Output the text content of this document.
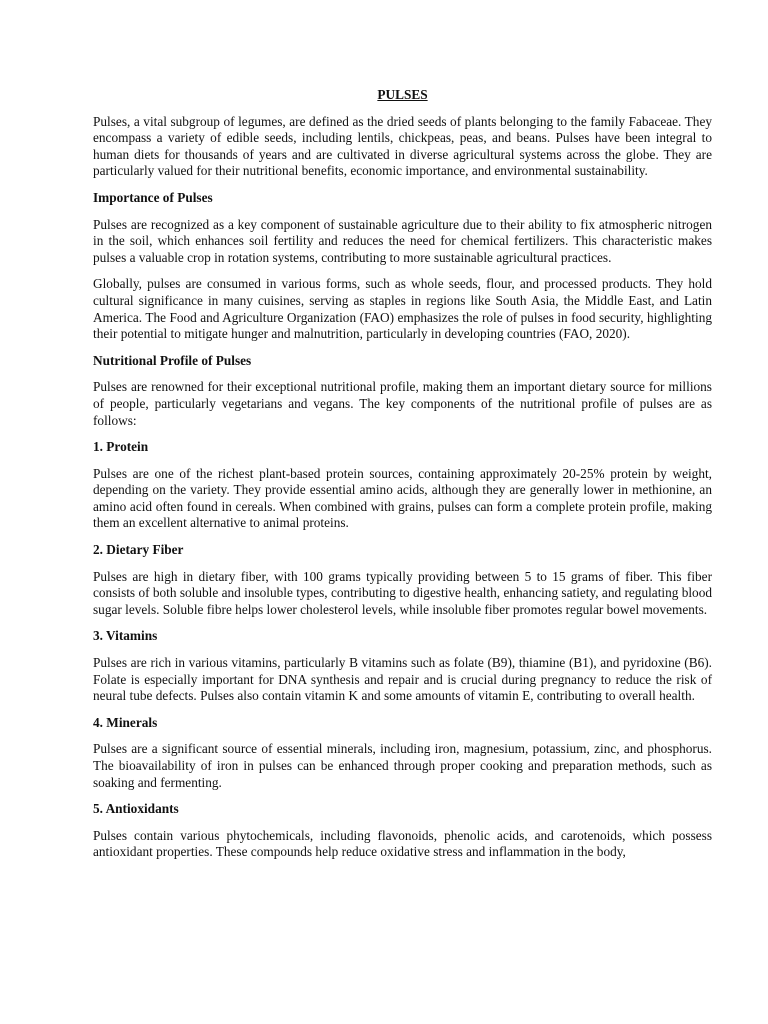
PULSES

Pulses, a vital subgroup of legumes, are defined as the dried seeds of plants belonging to the family Fabaceae. They encompass a variety of edible seeds, including lentils, chickpeas, peas, and beans. Pulses have been integral to human diets for thousands of years and are cultivated in diverse agricultural systems across the globe. They are particularly valued for their nutritional benefits, economic importance, and environmental sustainability.

Importance of Pulses

Pulses are recognized as a key component of sustainable agriculture due to their ability to fix atmospheric nitrogen in the soil, which enhances soil fertility and reduces the need for chemical fertilizers. This characteristic makes pulses a valuable crop in rotation systems, contributing to more sustainable agricultural practices.

Globally, pulses are consumed in various forms, such as whole seeds, flour, and processed products. They hold cultural significance in many cuisines, serving as staples in regions like South Asia, the Middle East, and Latin America. The Food and Agriculture Organization (FAO) emphasizes the role of pulses in food security, highlighting their potential to mitigate hunger and malnutrition, particularly in developing countries (FAO, 2020).

Nutritional Profile of Pulses

Pulses are renowned for their exceptional nutritional profile, making them an important dietary source for millions of people, particularly vegetarians and vegans. The key components of the nutritional profile of pulses are as follows:

1. Protein

Pulses are one of the richest plant-based protein sources, containing approximately 20-25% protein by weight, depending on the variety. They provide essential amino acids, although they are generally lower in methionine, an amino acid often found in cereals. When combined with grains, pulses can form a complete protein profile, making them an excellent alternative to animal proteins.

2. Dietary Fiber

Pulses are high in dietary fiber, with 100 grams typically providing between 5 to 15 grams of fiber. This fiber consists of both soluble and insoluble types, contributing to digestive health, enhancing satiety, and regulating blood sugar levels. Soluble fibre helps lower cholesterol levels, while insoluble fiber promotes regular bowel movements.

3. Vitamins

Pulses are rich in various vitamins, particularly B vitamins such as folate (B9), thiamine (B1), and pyridoxine (B6). Folate is especially important for DNA synthesis and repair and is crucial during pregnancy to reduce the risk of neural tube defects. Pulses also contain vitamin K and some amounts of vitamin E, contributing to overall health.

4. Minerals

Pulses are a significant source of essential minerals, including iron, magnesium, potassium, zinc, and phosphorus. The bioavailability of iron in pulses can be enhanced through proper cooking and preparation methods, such as soaking and fermenting.

5. Antioxidants

Pulses contain various phytochemicals, including flavonoids, phenolic acids, and carotenoids, which possess antioxidant properties. These compounds help reduce oxidative stress and inflammation in the body,
